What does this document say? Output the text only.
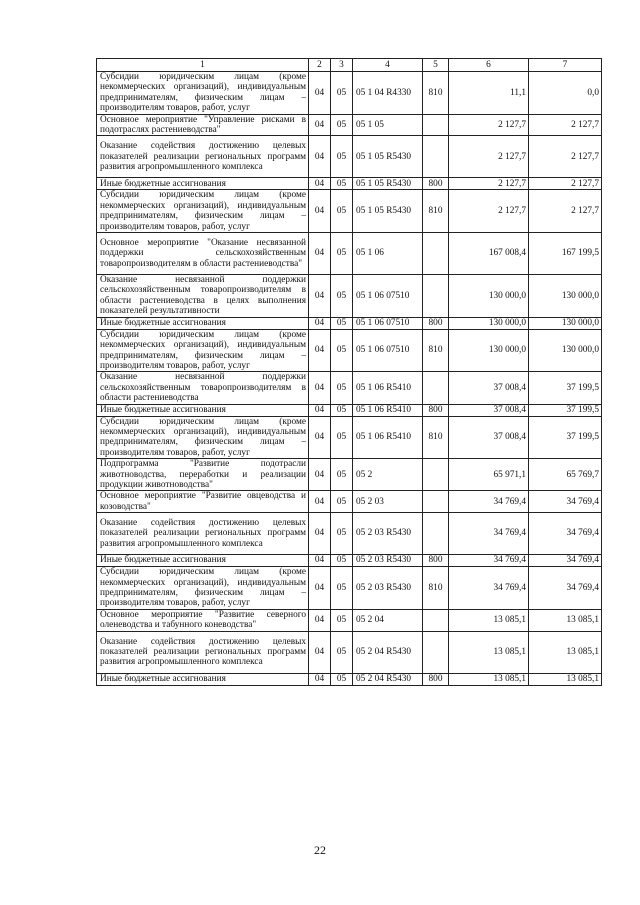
1	2	3	4	5	6	7

Субсидии юридическим лицам (кроме некоммерческих организаций), индивидуальным предпринимателям, физическим лицам – производителям товаров, работ, услуг	04	05	05 1 04 R4330	810	11,1	0,0

Основное мероприятие "Управление рисками в подотраслях растениеводства"	04	05	05 1 05		2 127,7	2 127,7

Оказание содействия достижению целевых показателей реализации региональных программ развития агропромышленного комплекса	04	05	05 1 05 R5430		2 127,7	2 127,7

Иные бюджетные ассигнования	04	05	05 1 05 R5430	800	2 127,7	2 127,7

Субсидии юридическим лицам (кроме некоммерческих организаций), индивидуальным предпринимателям, физическим лицам – производителям товаров, работ, услуг	04	05	05 1 05 R5430	810	2 127,7	2 127,7

Основное мероприятие "Оказание несвязанной поддержки сельскохозяйственным товаропроизводителям в области растениеводства"	04	05	05 1 06		167 008,4	167 199,5

Оказание несвязанной поддержки сельскохозяйственным товаропроизводителям в области растениеводства в целях выполнения показателей результативности	04	05	05 1 06 07510		130 000,0	130 000,0

Иные бюджетные ассигнования	04	05	05 1 06 07510	800	130 000,0	130 000,0

Субсидии юридическим лицам (кроме некоммерческих организаций), индивидуальным предпринимателям, физическим лицам – производителям товаров, работ, услуг	04	05	05 1 06 07510	810	130 000,0	130 000,0

Оказание несвязанной поддержки сельскохозяйственным товаропроизводителям в области растениеводства	04	05	05 1 06 R5410		37 008,4	37 199,5

Иные бюджетные ассигнования	04	05	05 1 06 R5410	800	37 008,4	37 199,5

Субсидии юридическим лицам (кроме некоммерческих организаций), индивидуальным предпринимателям, физическим лицам – производителям товаров, работ, услуг	04	05	05 1 06 R5410	810	37 008,4	37 199,5

Подпрограмма "Развитие подотрасли животноводства, переработки и реализации продукции животноводства"	04	05	05 2		65 971,1	65 769,7

Основное мероприятие "Развитие овцеводства и козоводства"	04	05	05 2 03		34 769,4	34 769,4

Оказание содействия достижению целевых показателей реализации региональных программ развития агропромышленного комплекса	04	05	05 2 03 R5430		34 769,4	34 769,4

Иные бюджетные ассигнования	04	05	05 2 03 R5430	800	34 769,4	34 769,4

Субсидии юридическим лицам (кроме некоммерческих организаций), индивидуальным предпринимателям, физическим лицам – производителям товаров, работ, услуг	04	05	05 2 03 R5430	810	34 769,4	34 769,4

Основное мероприятие "Развитие северного оленеводства и табунного коневодства"	04	05	05 2 04		13 085,1	13 085,1

Оказание содействия достижению целевых показателей реализации региональных программ развития агропромышленного комплекса	04	05	05 2 04 R5430		13 085,1	13 085,1

Иные бюджетные ассигнования	04	05	05 2 04 R5430	800	13 085,1	13 085,1
22
